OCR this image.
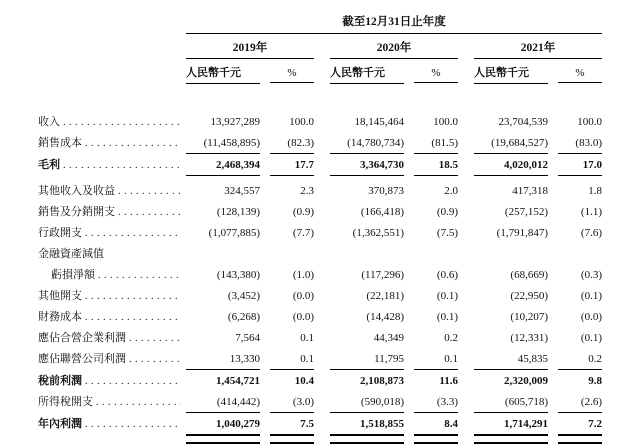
截至12月31日止年度
2019年	2020年	2021年
人民幣千元	%	人民幣千元	%	人民幣千元	%
收入 . . .	13,927,289	100.0	18,145,464	100.0	23,704,539	100.0
銷售成本 . . .	(11,458,895)	(82.3)	(14,780,734)	(81.5)	(19,684,527)	(83.0)
毛利 . . .	2,468,394	17.7	3,364,730	18.5	4,020,012	17.0
其他收入及收益 . . .	324,557	2.3	370,873	2.0	417,318	1.8
銷售及分銷開支 . . .	(128,139)	(0.9)	(166,418)	(0.9)	(257,152)	(1.1)
行政開支 . . .	(1,077,885)	(7.7)	(1,362,551)	(7.5)	(1,791,847)	(7.6)
金融資產減值
虧損淨額 . . .	(143,380)	(1.0)	(117,296)	(0.6)	(68,669)	(0.3)
其他開支 . . .	(3,452)	(0.0)	(22,181)	(0.1)	(22,950)	(0.1)
財務成本 . . .	(6,268)	(0.0)	(14,428)	(0.1)	(10,207)	(0.0)
應佔合營企業利潤 . . .	7,564	0.1	44,349	0.2	(12,331)	(0.1)
應佔聯營公司利潤 . . .	13,330	0.1	11,795	0.1	45,835	0.2
稅前利潤 . . .	1,454,721	10.4	2,108,873	11.6	2,320,009	9.8
所得稅開支 . . .	(414,442)	(3.0)	(590,018)	(3.3)	(605,718)	(2.6)
年內利潤 . . .	1,040,279	7.5	1,518,855	8.4	1,714,291	7.2
